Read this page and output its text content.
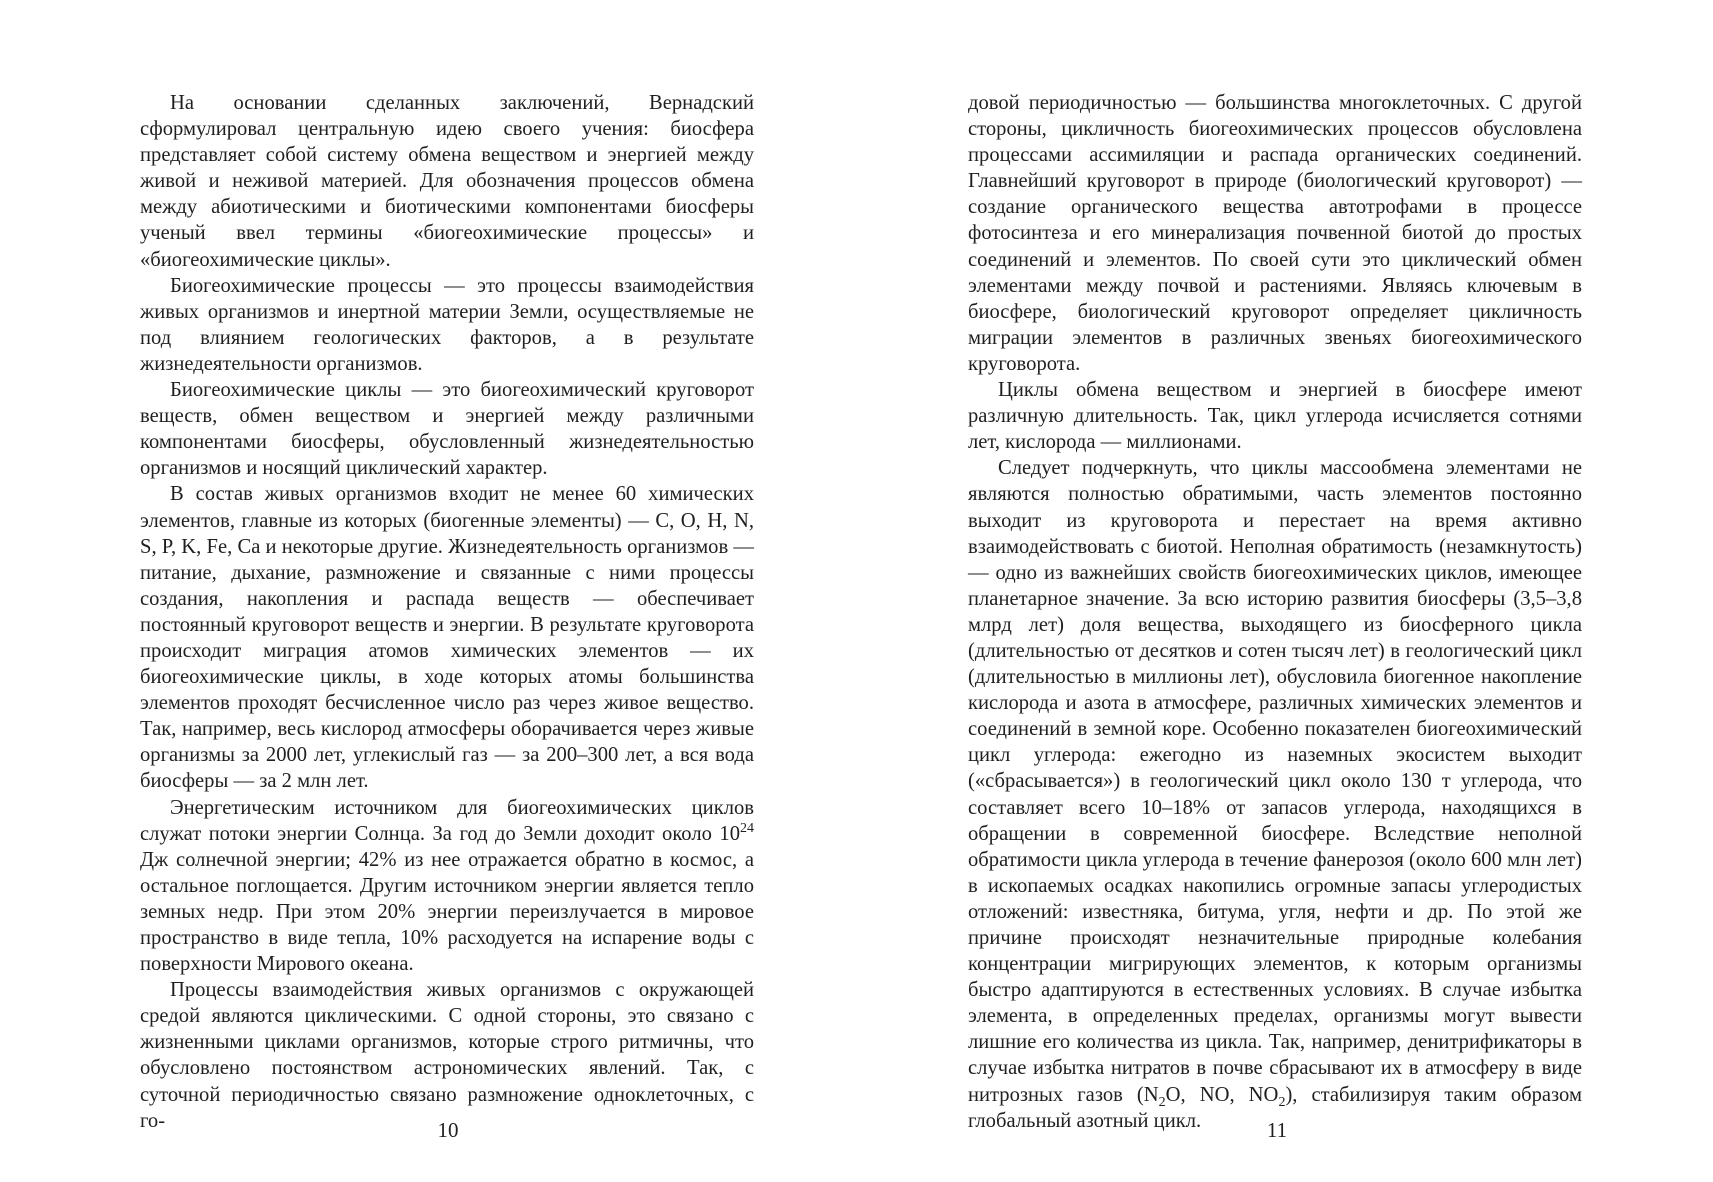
На основании сделанных заключений, Вернадский сформулировал центральную идею своего учения: биосфера представляет собой систему обмена веществом и энергией между живой и неживой материей. Для обозначения процессов обмена между абиотическими и биотическими компонентами биосферы ученый ввел термины «биогеохимические процессы» и «биогеохимические циклы».

Биогеохимические процессы — это процессы взаимодействия живых организмов и инертной материи Земли, осуществляемые не под влиянием геологических факторов, а в результате жизнедеятельности организмов.

Биогеохимические циклы — это биогеохимический круговорот веществ, обмен веществом и энергией между различными компонентами биосферы, обусловленный жизнедеятельностью организмов и носящий циклический характер.

В состав живых организмов входит не менее 60 химических элементов, главные из которых (биогенные элементы) — С, О, Н, N, S, P, K, Fe, Са и некоторые другие. Жизнедеятельность организмов — питание, дыхание, размножение и связанные с ними процессы создания, накопления и распада веществ — обеспечивает постоянный круговорот веществ и энергии. В результате круговорота происходит миграция атомов химических элементов — их биогеохимические циклы, в ходе которых атомы большинства элементов проходят бесчисленное число раз через живое вещество. Так, например, весь кислород атмосферы оборачивается через живые организмы за 2000 лет, углекислый газ — за 200–300 лет, а вся вода биосферы — за 2 млн лет.

Энергетическим источником для биогеохимических циклов служат потоки энергии Солнца. За год до Земли доходит около $10^{24}$ Дж солнечной энергии; 42% из нее отражается обратно в космос, а остальное поглощается. Другим источником энергии является тепло земных недр. При этом 20% энергии переизлучается в мировое пространство в виде тепла, 10% расходуется на испарение воды с поверхности Мирового океана.

Процессы взаимодействия живых организмов с окружающей средой являются циклическими. С одной стороны, это связано с жизненными циклами организмов, которые строго ритмичны, что обусловлено постоянством астрономических явлений. Так, с суточной периодичностью связано размножение одноклеточных, с го-	10

довой периодичностью — большинства многоклеточных. С другой стороны, цикличность биогеохимических процессов обусловлена процессами ассимиляции и распада органических соединений. Главнейший круговорот в природе (биологический круговорот) — создание органического вещества автотрофами в процессе фотосинтеза и его минерализация почвенной биотой до простых соединений и элементов. По своей сути это циклический обмен элементами между почвой и растениями. Являясь ключевым в биосфере, биологический круговорот определяет цикличность миграции элементов в различных звеньях биогеохимического круговорота.

Циклы обмена веществом и энергией в биосфере имеют различную длительность. Так, цикл углерода исчисляется сотнями лет, кислорода — миллионами.

Следует подчеркнуть, что циклы массообмена элементами не являются полностью обратимыми, часть элементов постоянно выходит из круговорота и перестает на время активно взаимодействовать с биотой. Неполная обратимость (незамкнутость) — одно из важнейших свойств биогеохимических циклов, имеющее планетарное значение. За всю историю развития биосферы (3,5–3,8 млрд лет) доля вещества, выходящего из биосферного цикла (длительностью от десятков и сотен тысяч лет) в геологический цикл (длительностью в миллионы лет), обусловила биогенное накопление кислорода и азота в атмосфере, различных химических элементов и соединений в земной коре. Особенно показателен биогеохимический цикл углерода: ежегодно из наземных экосистем выходит («сбрасывается») в геологический цикл около 130 т углерода, что составляет всего 10–18% от запасов углерода, находящихся в обращении в современной биосфере. Вследствие неполной обратимости цикла углерода в течение фанерозоя (около 600 млн лет) в ископаемых осадках накопились огромные запасы углеродистых отложений: известняка, битума, угля, нефти и др. По этой же причине происходят незначительные природные колебания концентрации мигрирующих элементов, к которым организмы быстро адаптируются в естественных условиях. В случае избытка элемента, в определенных пределах, организмы могут вывести лишние его количества из цикла. Так, например, денитрификаторы в случае избытка нитратов в почве сбрасывают их в атмосферу в виде нитрозных газов ($N_2O$, NO, $NO_2$), стабилизируя таким образом глобальный азотный цикл.	11
